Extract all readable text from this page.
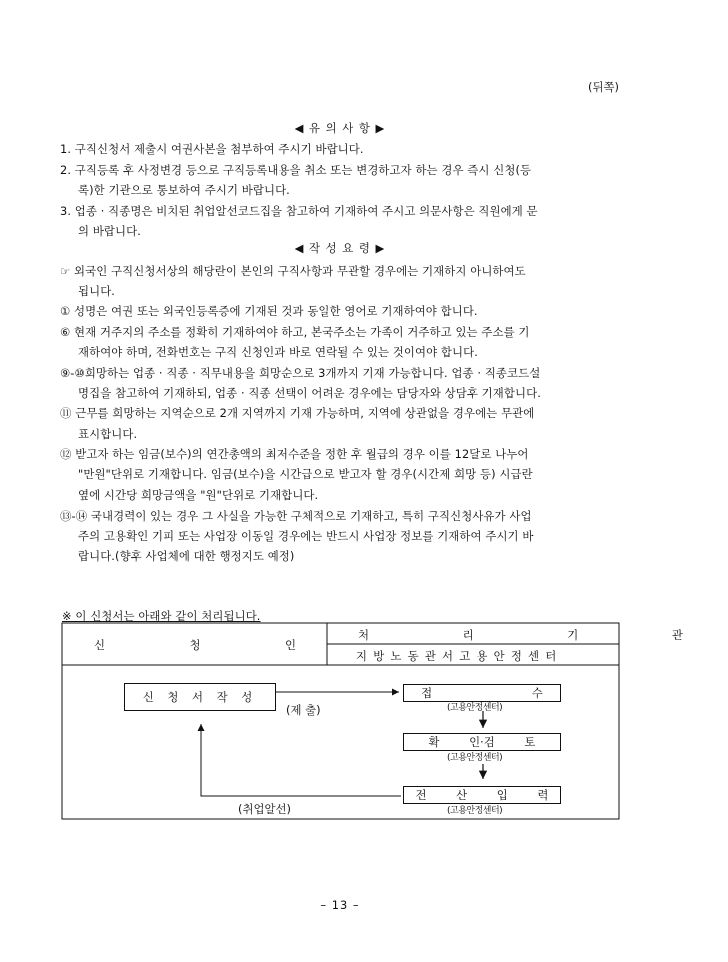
(뒤쪽)
◀ 유 의 사 항 ▶
1. 구직신청서 제출시 여권사본을 첨부하여 주시기 바랍니다.
2. 구직등록 후 사정변경 등으로 구직등록내용을 취소 또는 변경하고자 하는 경우 즉시 신청(등
록)한 기관으로 통보하여 주시기 바랍니다.
3. 업종 · 직종명은 비치된 취업알선코드집을 참고하여 기재하여 주시고 의문사항은 직원에게 문
의 바랍니다.
◀ 작 성 요 령 ▶
☞ 외국인 구직신청서상의 해당란이 본인의 구직사항과 무관할 경우에는 기재하지 아니하여도
됩니다.
① 성명은 여권 또는 외국인등록증에 기재된 것과 동일한 영어로 기재하여야 합니다.
⑥ 현재 거주지의 주소를 정확히 기재하여야 하고, 본국주소는 가족이 거주하고 있는 주소를 기
재하여야 하며, 전화번호는 구직 신청인과 바로 연락될 수 있는 것이여야 합니다.
⑨-⑩희망하는 업종 · 직종 · 직무내용을 희망순으로 3개까지 기재 가능합니다. 업종 · 직종코드설
명집을 참고하여 기재하되, 업종 · 직종 선택이 어려운 경우에는 담당자와 상담후 기재합니다.
⑪ 근무를 희망하는 지역순으로 2개 지역까지 기재 가능하며, 지역에 상관없을 경우에는 무관에
표시합니다.
⑫ 받고자 하는 임금(보수)의 연간총액의 최저수준을 정한 후 월급의 경우 이를 12달로 나누어
"만원"단위로 기재합니다. 임금(보수)을 시간급으로 받고자 할 경우(시간제 희망 등) 시급란
옆에 시간당 희망금액을 "원"단위로 기재합니다.
⑬-⑭ 국내경력이 있는 경우 그 사실을 가능한 구체적으로 기재하고, 특히 구직신청사유가 사업
주의 고용확인 기피 또는 사업장 이동일 경우에는 반드시 사업장 정보를 기재하여 주시기 바
랍니다.(향후 사업체에 대한 행정지도 예정)
※ 이 신청서는 아래와 같이 처리됩니다.
신	청	인
처 리 기 관
지방노동관서고용안정센터
신 청 서 작 성
(제 출)
접 수
(고용안정센터)
확 인·검 토
(고용안정센터)
전 산 입 력
(고용안정센터)
(취업알선)
– 13 –
